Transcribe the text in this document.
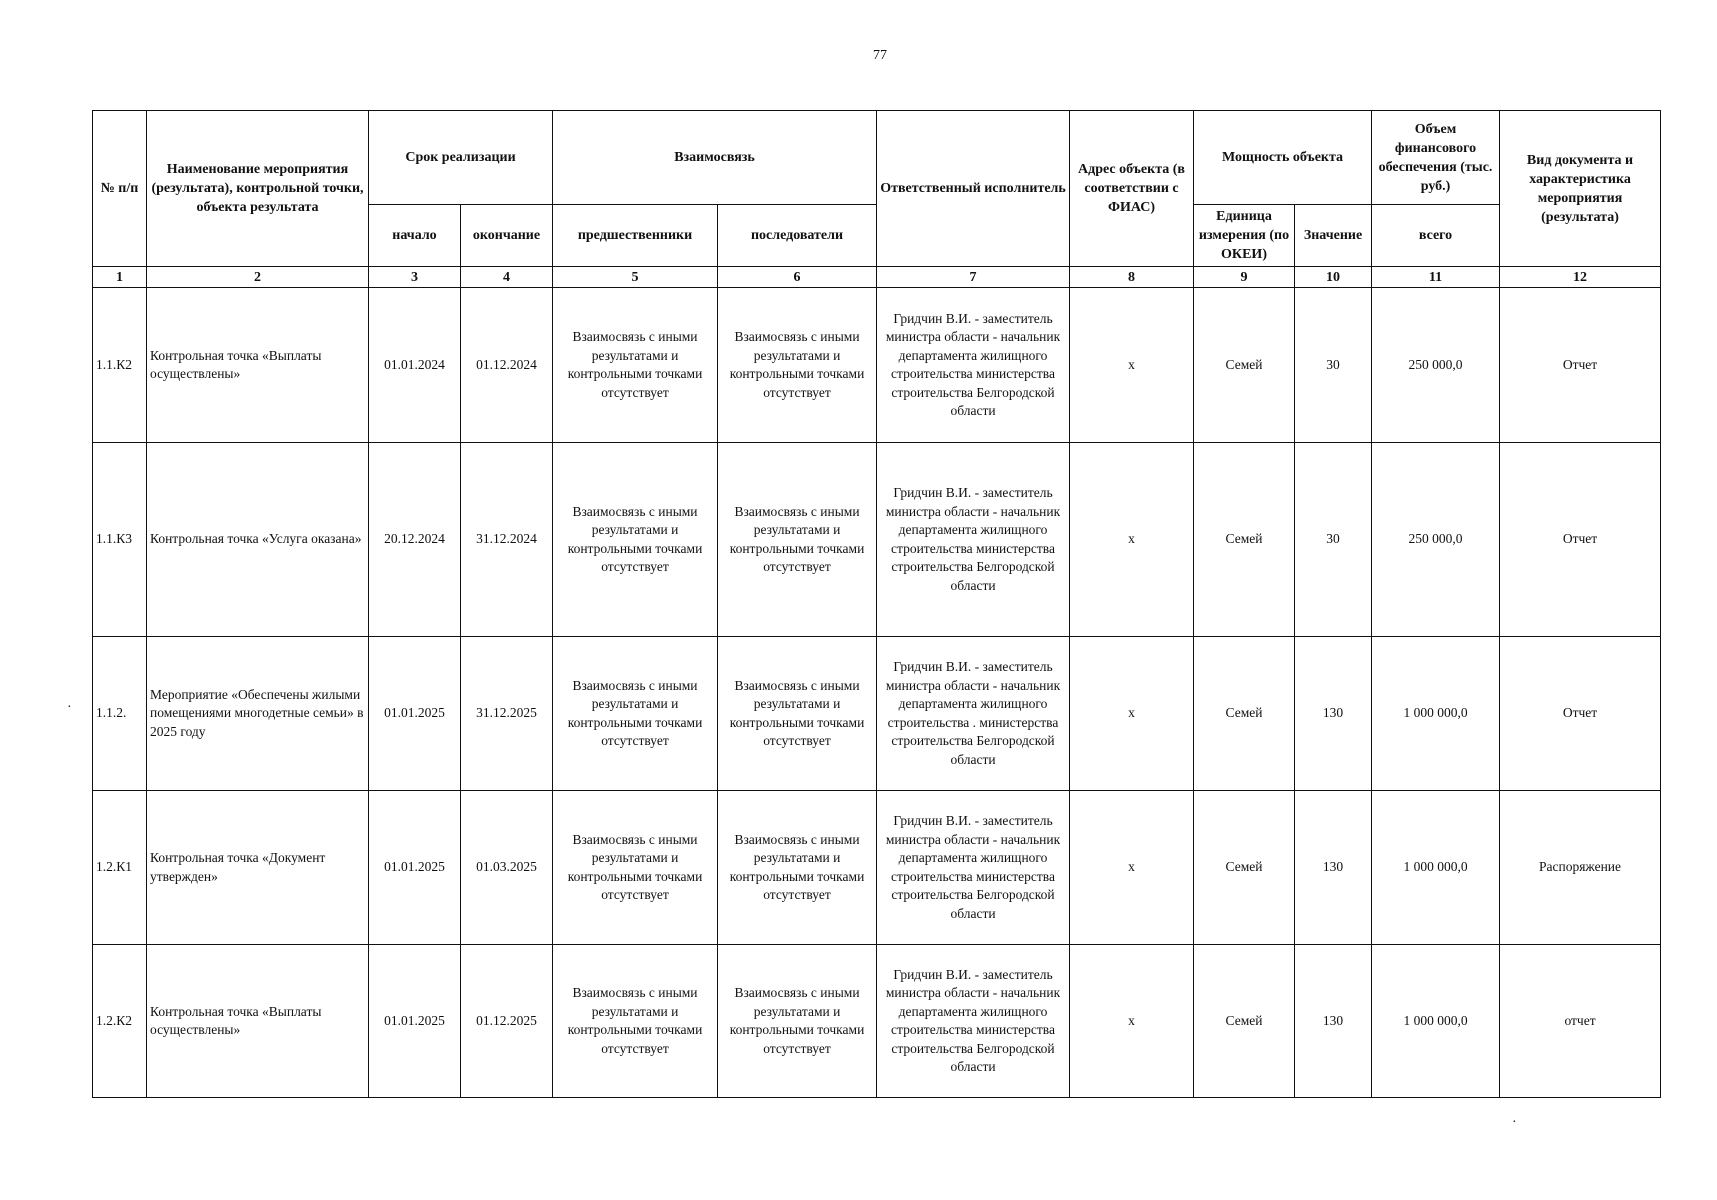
77
№ п/п	Наименование мероприятия (результата), контрольной точки, объекта результата	Срок реализации		Взаимосвязь		Ответственный исполнитель	Адрес объекта (в соответствии с ФИАС)	Мощность объекта		Объем финансового обеспечения (тыс. руб.)	Вид документа и характеристика мероприятия (результата)
		начало	окончание	предшественники	последователи			Единица измерения (по ОКЕИ)	Значение	всего	
1	2	3	4	5	6	7	8	9	10	11	12
1.1.К2	Контрольная точка «Выплаты осуществлены»	01.01.2024	01.12.2024	Взаимосвязь с иными результатами и контрольными точками отсутствует	Взаимосвязь с иными результатами и контрольными точками отсутствует	Гридчин В.И. - заместитель министра области - начальник департамента жилищного строительства министерства строительства Белгородской области	х	Семей	30	250 000,0	Отчет
1.1.К3	Контрольная точка «Услуга оказана»	20.12.2024	31.12.2024	Взаимосвязь с иными результатами и контрольными точками отсутствует	Взаимосвязь с иными результатами и контрольными точками отсутствует	Гридчин В.И. - заместитель министра области - начальник департамента жилищного строительства министерства строительства Белгородской области	х	Семей	30	250 000,0	Отчет
1.1.2.	Мероприятие «Обеспечены жилыми помещениями многодетные семьи» в 2025 году	01.01.2025	31.12.2025	Взаимосвязь с иными результатами и контрольными точками отсутствует	Взаимосвязь с иными результатами и контрольными точками отсутствует	Гридчин В.И. - заместитель министра области - начальник департамента жилищного строительства . министерства строительства Белгородской области	х	Семей	130	1 000 000,0	Отчет
1.2.К1	Контрольная точка «Документ утвержден»	01.01.2025	01.03.2025	Взаимосвязь с иными результатами и контрольными точками отсутствует	Взаимосвязь с иными результатами и контрольными точками отсутствует	Гридчин В.И. - заместитель министра области - начальник департамента жилищного строительства министерства строительства Белгородской области	х	Семей	130	1 000 000,0	Распоряжение
1.2.К2	Контрольная точка «Выплаты осуществлены»	01.01.2025	01.12.2025	Взаимосвязь с иными результатами и контрольными точками отсутствует	Взаимосвязь с иными результатами и контрольными точками отсутствует	Гридчин В.И. - заместитель министра области - начальник департамента жилищного строительства министерства строительства Белгородской области	х	Семей	130	1 000 000,0	отчет
·
·
